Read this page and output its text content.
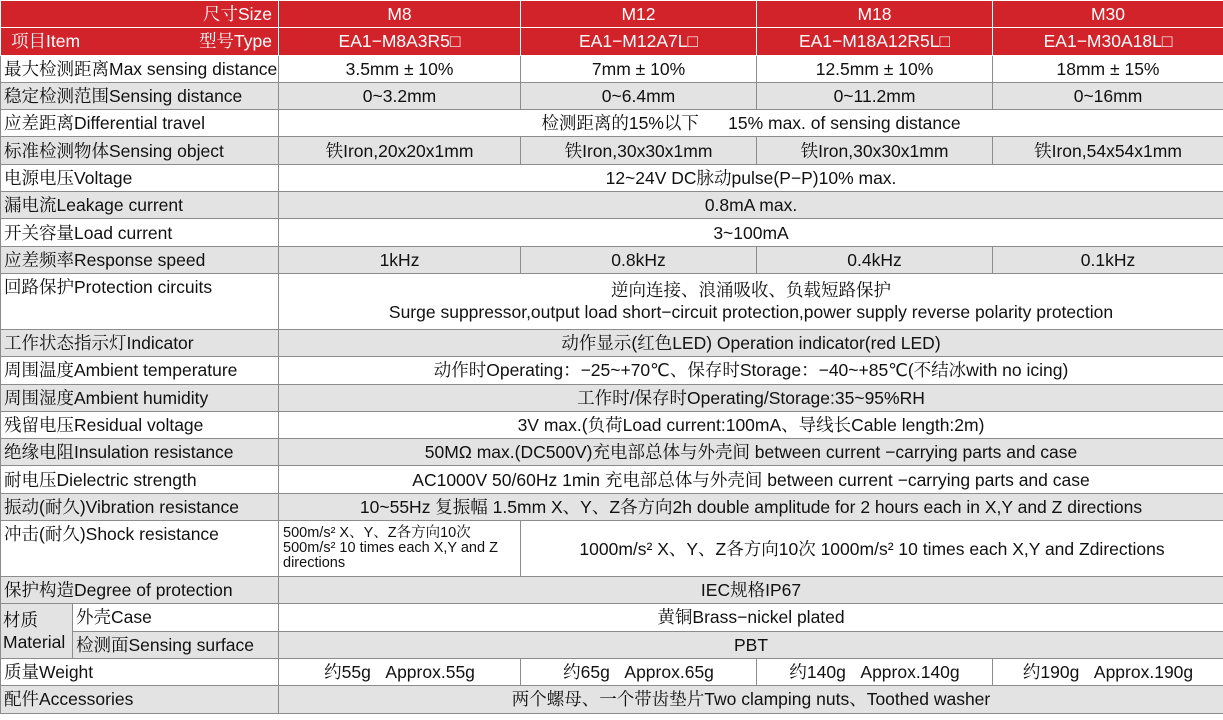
尺寸Size		M8	M12	M18	M30

项目Item 型号Type		EA1−M8A3R5□	EA1−M12A7L□	EA1−M18A12R5L□	EA1−M30A18L□
最大检测距离Max sensing distance		3.5mm ± 10%	7mm ± 10%	12.5mm ± 10%	18mm ± 15%
稳定检测范围Sensing distance		0~3.2mm	0~6.4mm	0~11.2mm	0~16mm
应差距离Differential travel		检测距离的15%以下      15% max. of sensing distance			
标准检测物体Sensing object		铁Iron,20x20x1mm	铁Iron,30x30x1mm	铁Iron,30x30x1mm	铁Iron,54x54x1mm
电源电压Voltage		12~24V DC脉动pulse(P−P)10% max.			
漏电流Leakage current		0.8mA max.			
开关容量Load current		3~100mA			
应差频率Response speed		1kHz	0.8kHz	0.4kHz	0.1kHz
回路保护Protection circuits		逆向连接、浪涌吸收、负载短路保护
Surge suppressor,output load short−circuit protection,power supply reverse polarity protection			

工作状态指示灯Indicator		动作显示(红色LED) Operation indicator(red LED)			
周围温度Ambient temperature		动作时Operating：−25~+70℃、保存时Storage：−40~+85℃(不结冰with no icing)			
周围湿度Ambient humidity		工作时/保存时Operating/Storage:35~95%RH			
残留电压Residual voltage		3V max.(负荷Load current:100mA、导线长Cable length:2m)			
绝缘电阻Insulation resistance		50MΩ max.(DC500V)充电部总体与外壳间 between current −carrying parts and case			
耐电压Dielectric strength		AC1000V 50/60Hz 1min 充电部总体与外壳间 between current −carrying parts and case			
振动(耐久)Vibration resistance		10~55Hz 复振幅 1.5mm X、Y、Z各方向2h double amplitude for 2 hours each in X,Y and Z directions			
冲击(耐久)Shock resistance		500m/s² X、Y、Z各方向10次 500m/s² 10 times each X,Y and Z directions	1000m/s² X、Y、Z各方向10次 1000m/s² 10 times each X,Y and Zdirections		
保护构造Degree of protection		IEC规格IP67			
材质 Material	外壳Case	黄铜Brass−nickel plated			
	检测面Sensing surface	PBT			
质量Weight		约55g Approx.55g	约65g Approx.65g	约140g Approx.140g	约190g Approx.190g
配件Accessories		两个螺母、一个带齿垫片Two clamping nuts、Toothed washer			
